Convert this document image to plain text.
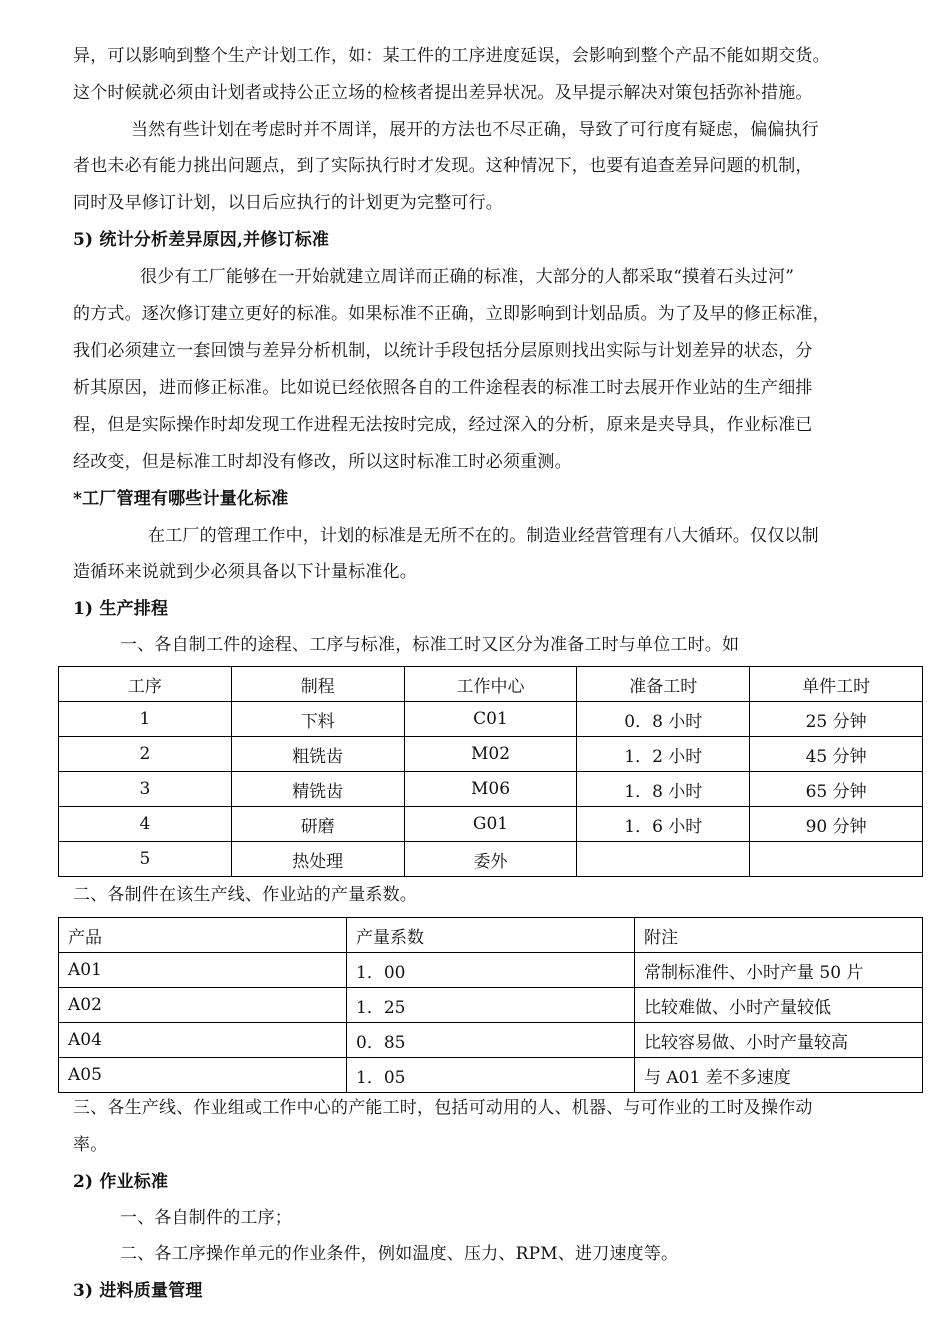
异，可以影响到整个生产计划工作，如：某工件的工序进度延误，会影响到整个产品不能如期交货。
这个时候就必须由计划者或持公正立场的检核者提出差异状况。及早提示解决对策包括弥补措施。
当然有些计划在考虑时并不周详，展开的方法也不尽正确，导致了可行度有疑虑，偏偏执行
者也未必有能力挑出问题点，到了实际执行时才发现。这种情况下，也要有追查差异问题的机制，
同时及早修订计划，以日后应执行的计划更为完整可行。
5) 统计分析差异原因,并修订标准
很少有工厂能够在一开始就建立周详而正确的标准，大部分的人都采取“摸着石头过河”
的方式。逐次修订建立更好的标准。如果标准不正确，立即影响到计划品质。为了及早的修正标准，
我们必须建立一套回馈与差异分析机制，以统计手段包括分层原则找出实际与计划差异的状态，分
析其原因，进而修正标准。比如说已经依照各自的工件途程表的标准工时去展开作业站的生产细排
程，但是实际操作时却发现工作进程无法按时完成，经过深入的分析，原来是夹导具，作业标准已
经改变，但是标准工时却没有修改，所以这时标准工时必须重测。
*工厂管理有哪些计量化标准
在工厂的管理工作中，计划的标准是无所不在的。制造业经营管理有八大循环。仅仅以制
造循环来说就到少必须具备以下计量标准化。
1) 生产排程
一、各自制工件的途程、工序与标准，标准工时又区分为准备工时与单位工时。如
工序	制程	工作中心	准备工时	单件工时
1	下料	C01	0．8 小时	25 分钟
2	粗铣齿	M02	1．2 小时	45 分钟
3	精铣齿	M06	1．8 小时	65 分钟
4	研磨	G01	1．6 小时	90 分钟
5	热处理	委外		
二、各制件在该生产线、作业站的产量系数。
产品	产量系数	附注
A01	1．00	常制标准件、小时产量 50 片
A02	1．25	比较难做、小时产量较低
A04	0．85	比较容易做、小时产量较高
A05	1．05	与 A01 差不多速度
三、各生产线、作业组或工作中心的产能工时，包括可动用的人、机器、与可作业的工时及操作动
率。
2) 作业标准
一、各自制件的工序；
二、各工序操作单元的作业条件，例如温度、压力、RPM、进刀速度等。
3) 进料质量管理
